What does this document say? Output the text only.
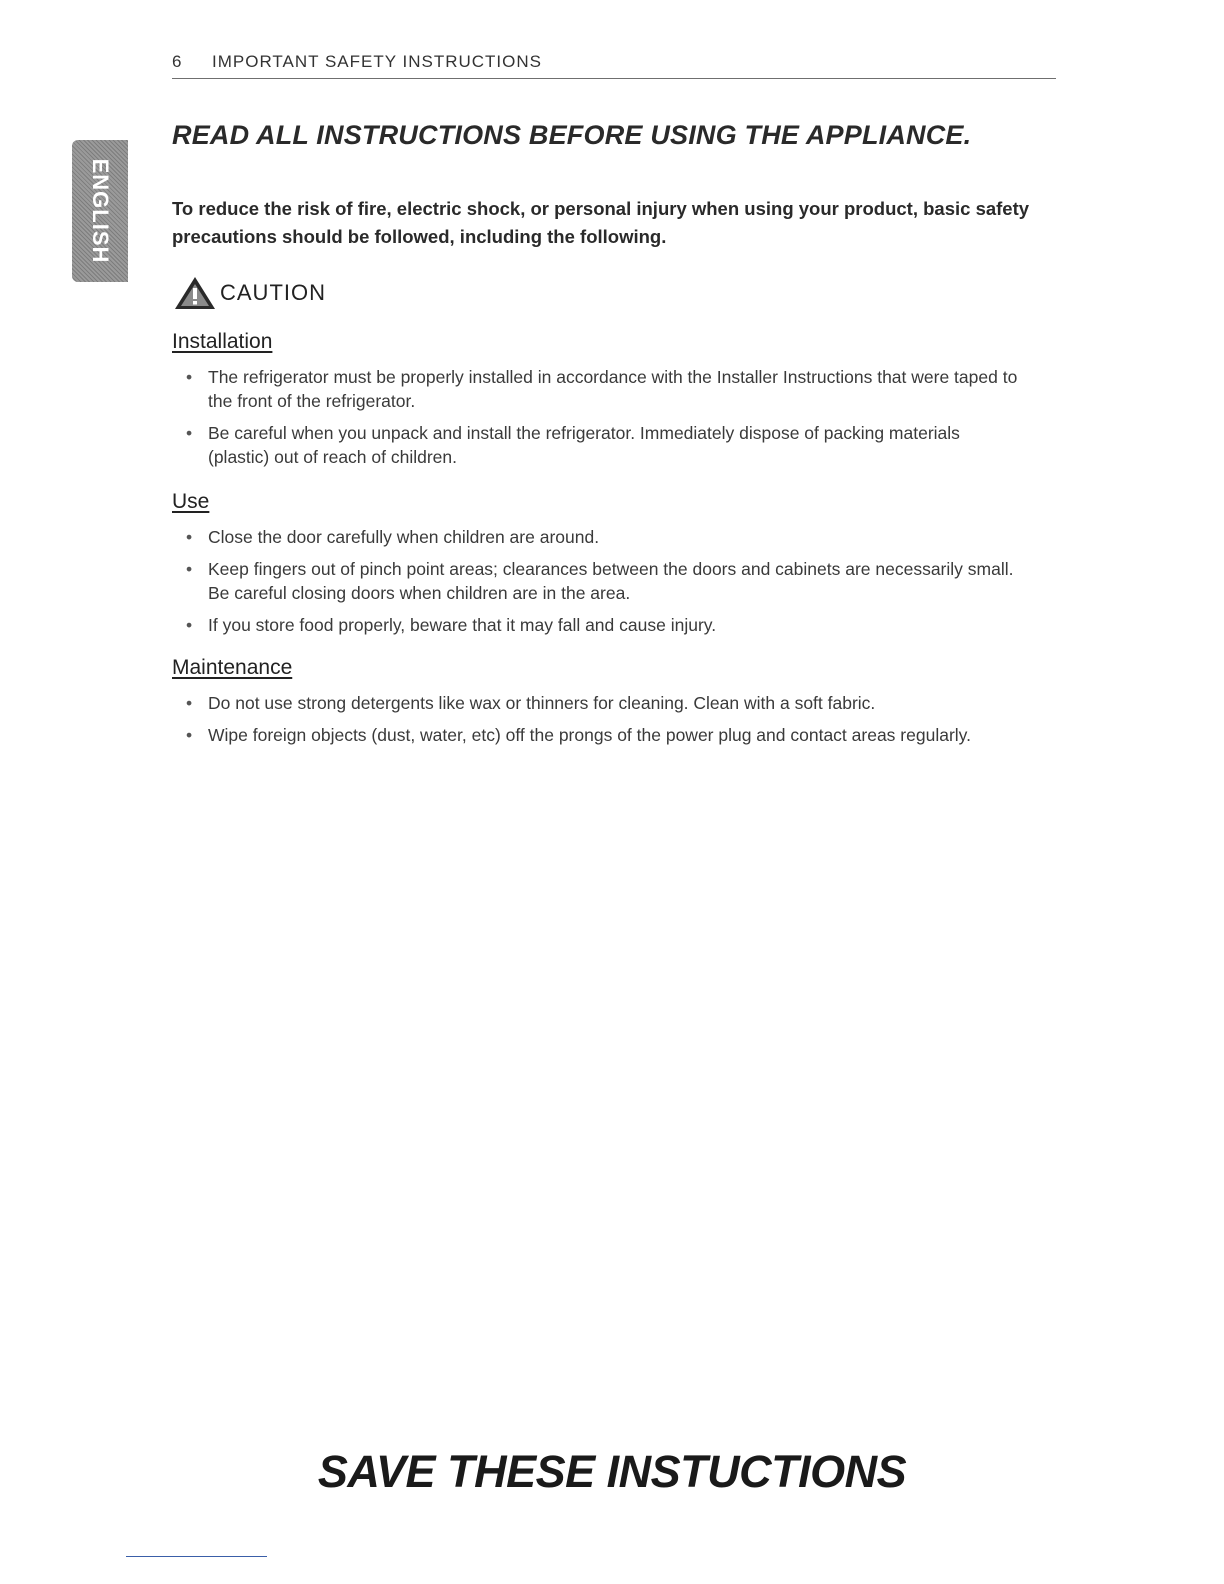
6 IMPORTANT SAFETY INSTRUCTIONS
ENGLISH
READ ALL INSTRUCTIONS BEFORE USING THE APPLIANCE.

To reduce the risk of fire, electric shock, or personal injury when using your product, basic safety precautions should be followed, including the following.

CAUTION
Installation
• The refrigerator must be properly installed in accordance with the Installer Instructions that were taped to the front of the refrigerator.
• Be careful when you unpack and install the refrigerator. Immediately dispose of packing materials (plastic) out of reach of children.
Use
• Close the door carefully when children are around.
• Keep fingers out of pinch point areas; clearances between the doors and cabinets are necessarily small. Be careful closing doors when children are in the area.
• If you store food properly, beware that it may fall and cause injury.
Maintenance
• Do not use strong detergents like wax or thinners for cleaning. Clean with a soft fabric.
• Wipe foreign objects (dust, water, etc) off the prongs of the power plug and contact areas regularly.
SAVE THESE INSTUCTIONS
